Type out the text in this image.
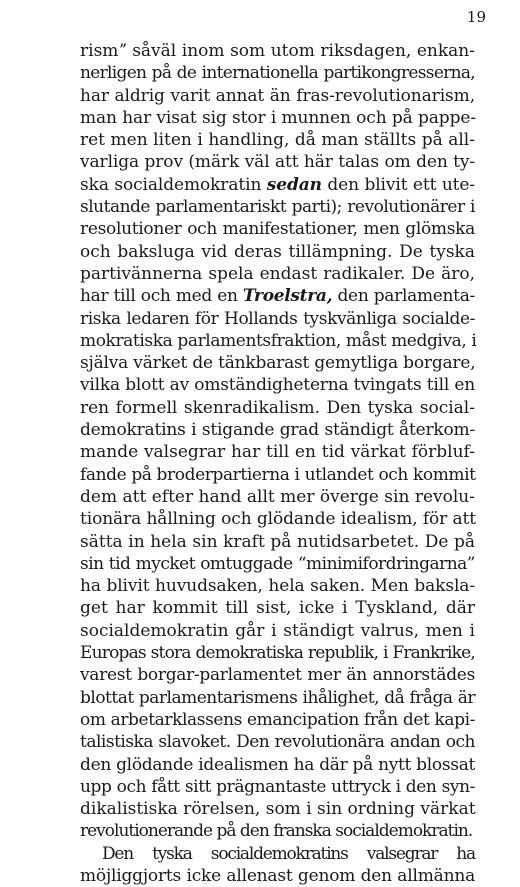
19
rismˮ såväl inom som utom riksdagen, enkan-
nerligen på de internationella partikongresserna,
har aldrig varit annat än fras-revolutionarism,
man har visat sig stor i munnen och på pappe-
ret men liten i handling, då man ställts på all-
varliga prov (märk väl att här talas om den ty-
ska socialdemokratin sedan den blivit ett ute-
slutande parlamentariskt parti); revolutionärer i
resolutioner och manifestationer, men glömska
och baksluga vid deras tillämpning. De tyska
partivännerna spela endast radikaler. De äro,
har till och med en Troelstra, den parlamenta-
riska ledaren för Hollands tyskvänliga socialde-
mokratiska parlamentsfraktion, måst medgiva, i
själva värket de tänkbarast gemytliga borgare,
vilka blott av omständigheterna tvingats till en
ren formell skenradikalism. Den tyska social-
demokratins i stigande grad ständigt återkom-
mande valsegrar har till en tid värkat förbluf-
fande på broderpartierna i utlandet och kommit
dem att efter hand allt mer överge sin revolu-
tionära hållning och glödande idealism, för att
sätta in hela sin kraft på nutidsarbetet. De på
sin tid mycket omtuggade “minimifordringarna”
ha blivit huvudsaken, hela saken. Men bakslа-
get har kommit till sist, icke i Tyskland, där
socialdemokratin går i ständigt valrus, men i
Europas stora demokratiska republik, i Frankrike,
varest borgar-parlamentet mer än annorstädes
blottat parlamentarismens ihålighet, då fråga är
om arbetarklassens emancipation från det kapi-
talistiska slavoket. Den revolutionära andan och
den glödande idealismen ha där på nytt blossat
upp och fått sitt prägnantaste uttryck i den syn-
dikalistiska rörelsen, som i sin ordning värkat
revolutionerande på den franska socialdemokratin.
Den tyska socialdemokratins valsegrar ha
möjliggjorts icke allenast genom den allmänna
